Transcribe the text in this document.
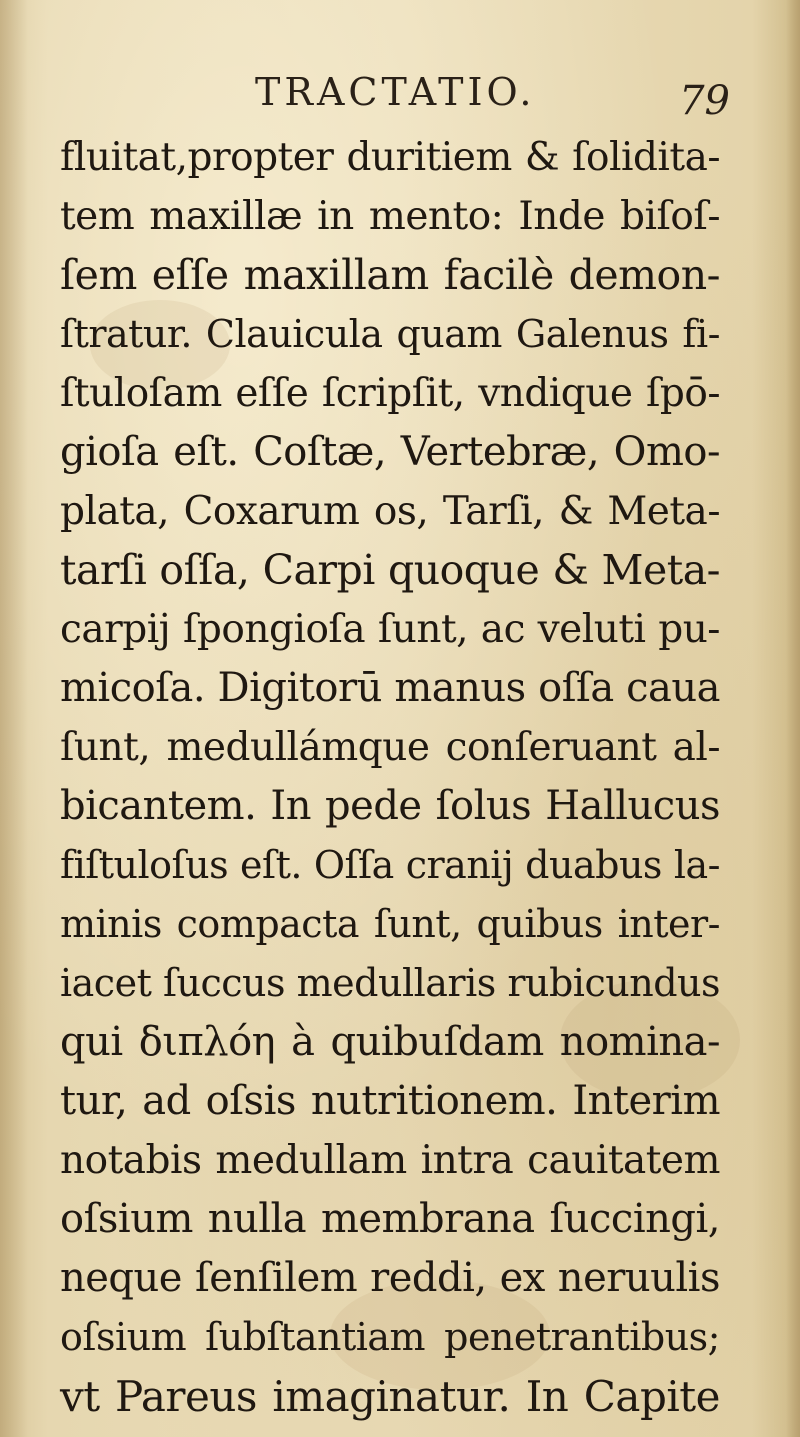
TRACTATIO.	79
fluitat,propter duritiem & ſolidita-
tem maxillæ in mento: Inde biſoſ-
ſem eſſe maxillam facilè demon-
ſtratur. Clauicula quam Galenus fi-
ſtuloſam eſſe ſcripſit, vndique ſpō-
gioſa eſt. Coſtæ, Vertebræ, Omo-
plata, Coxarum os, Tarſi, & Meta-
tarſi oſſa, Carpi quoque & Meta-
carpij ſpongioſa ſunt, ac veluti pu-
micoſa. Digitorū manus oſſa caua
ſunt, medullámque conſeruant al-
bicantem. In pede ſolus Hallucus
fiſtuloſus eſt. Oſſa cranij duabus la-
minis compacta ſunt, quibus inter-
iacet ſuccus medullaris rubicundus
qui διπλόη à quibuſdam nomina-
tur, ad oſsis nutritionem. Interim
notabis medullam intra cauitatem
oſsium nulla membrana ſuccingi,
neque ſenſilem reddi, ex neruulis
oſsium ſubſtantiam penetrantibus;
vt Pareus imaginatur. In Capite
